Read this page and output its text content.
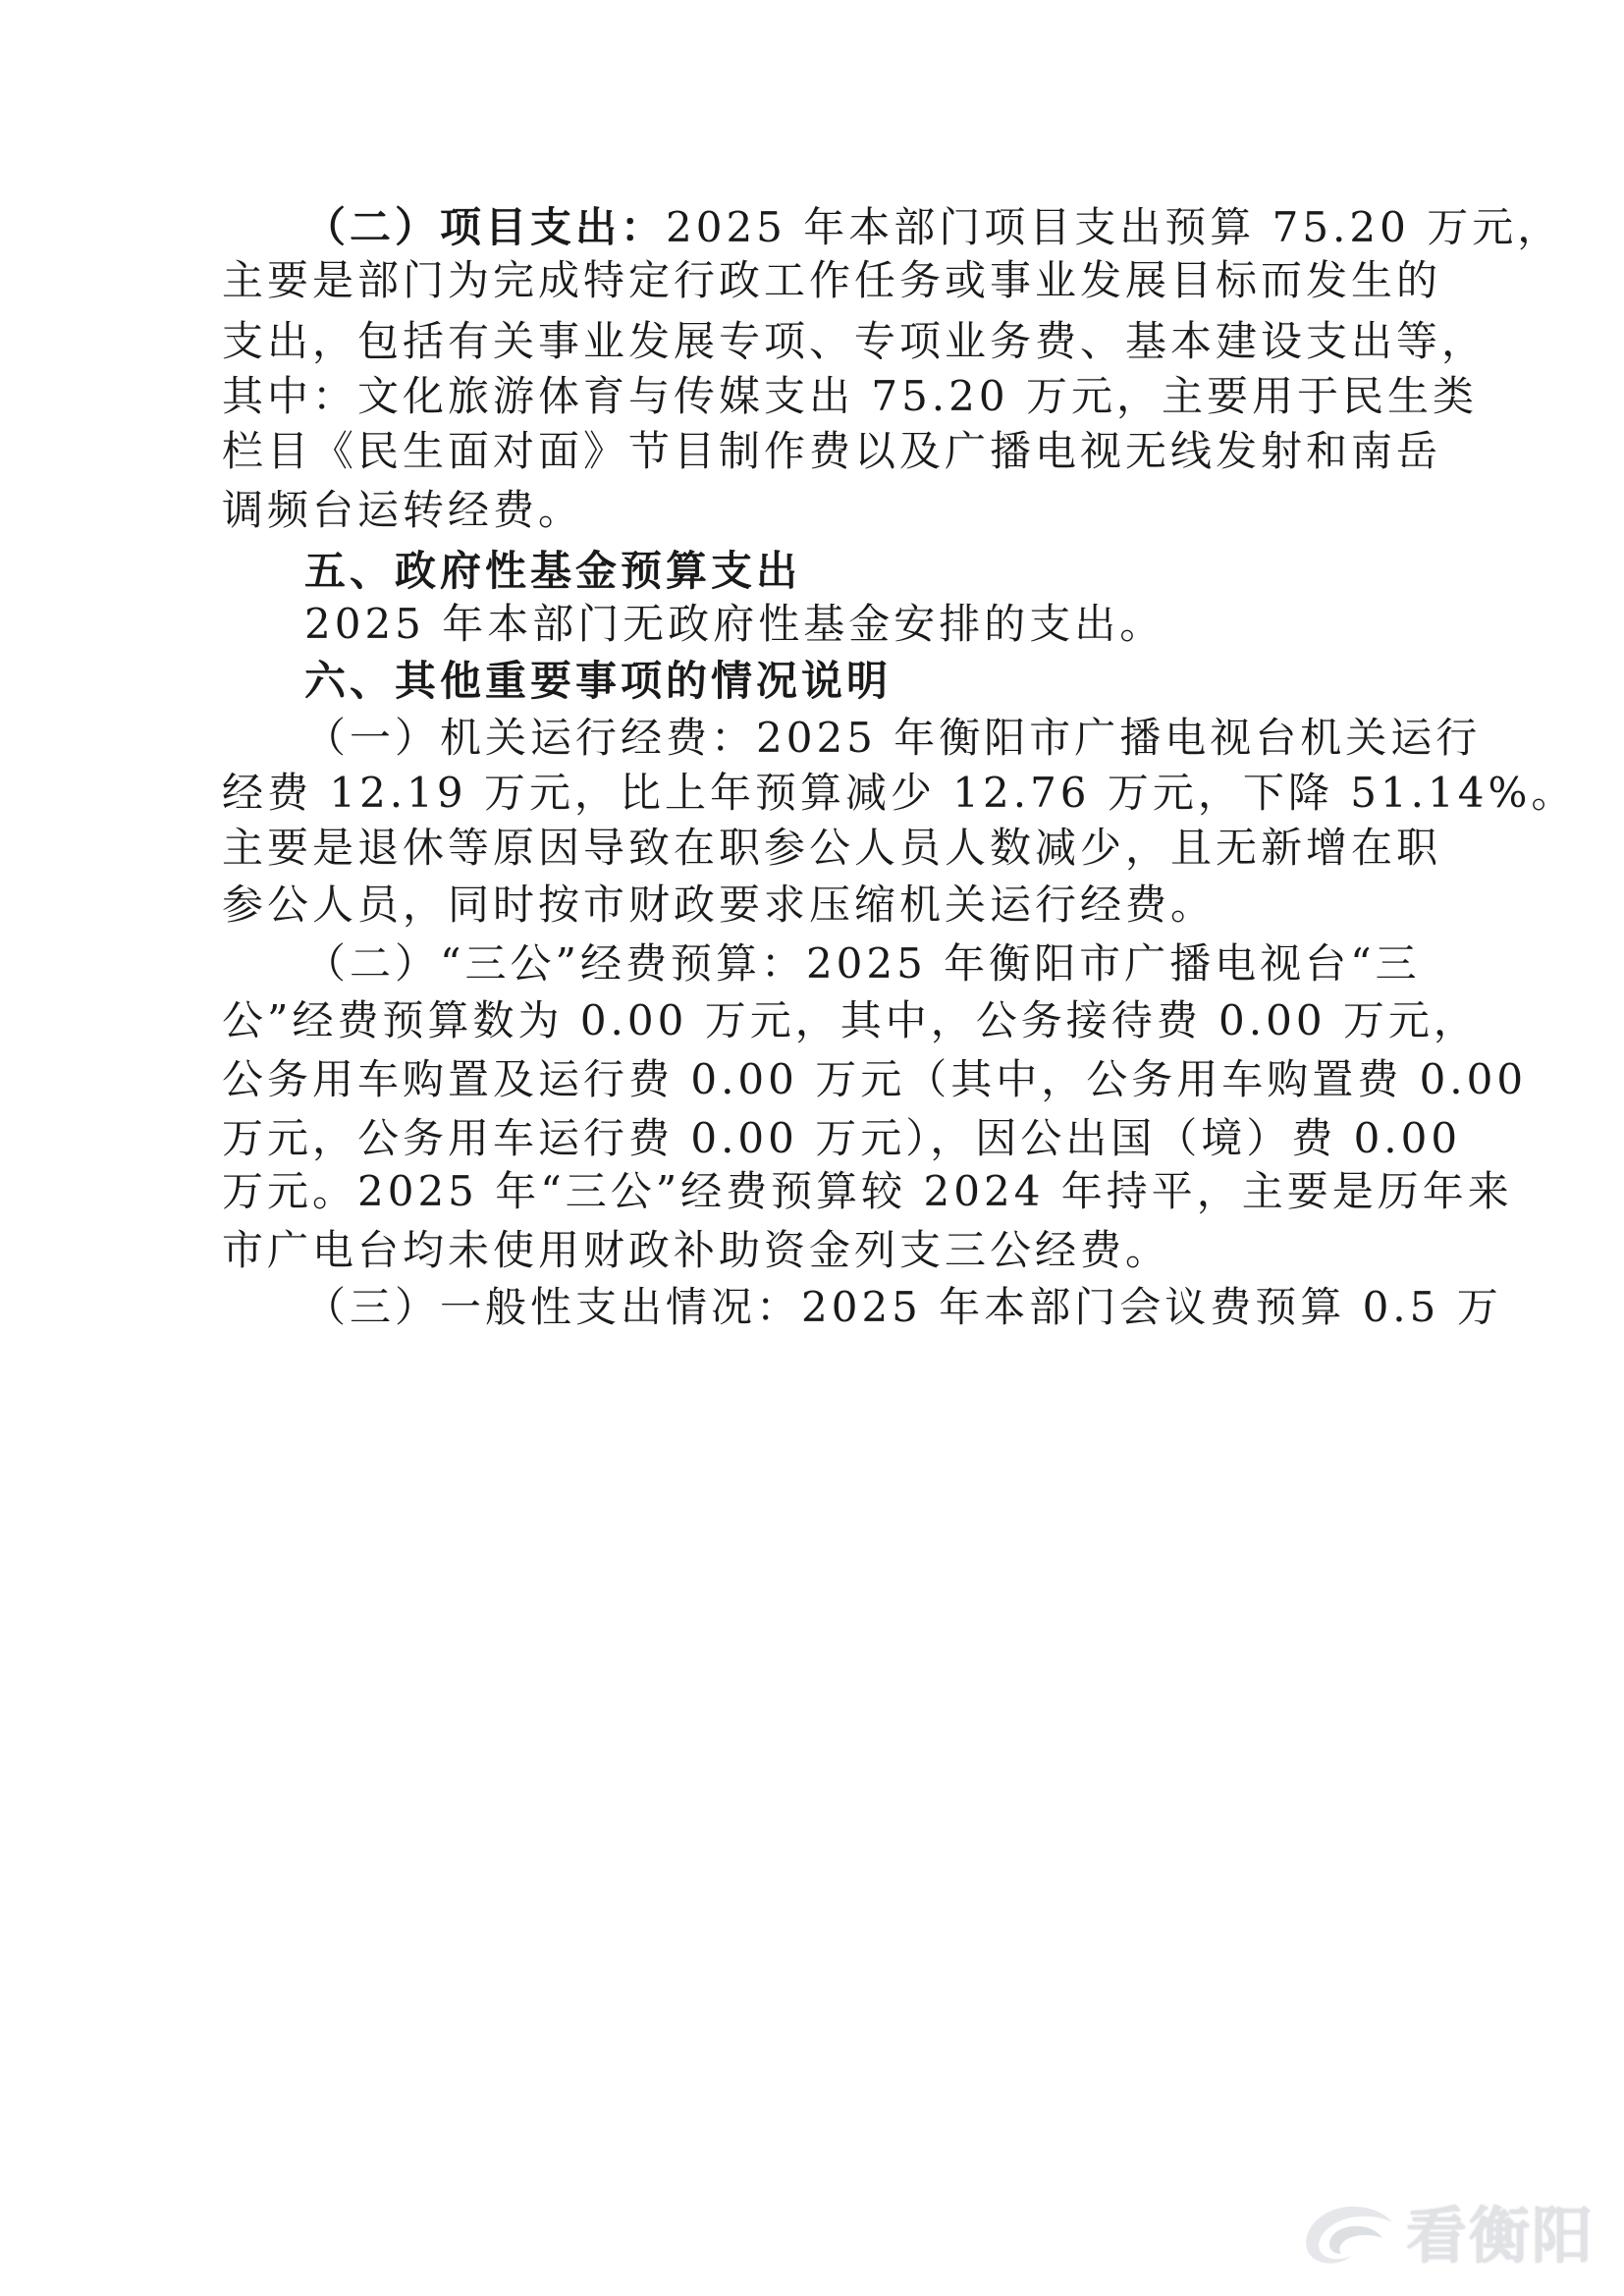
（二）项目支出：2025 年本部门项目支出预算 75.20 万元，
主要是部门为完成特定行政工作任务或事业发展目标而发生的
支出，包括有关事业发展专项、专项业务费、基本建设支出等，
其中：文化旅游体育与传媒支出 75.20 万元，主要用于民生类
栏目《民生面对面》节目制作费以及广播电视无线发射和南岳
调频台运转经费。
五、政府性基金预算支出
2025 年本部门无政府性基金安排的支出。
六、其他重要事项的情况说明
（一）机关运行经费：2025 年衡阳市广播电视台机关运行
经费 12.19 万元，比上年预算减少 12.76 万元，下降 51.14%。
主要是退休等原因导致在职参公人员人数减少，且无新增在职
参公人员，同时按市财政要求压缩机关运行经费。
（二）“三公”经费预算：2025 年衡阳市广播电视台“三
公”经费预算数为 0.00 万元，其中，公务接待费 0.00 万元，
公务用车购置及运行费 0.00 万元（其中，公务用车购置费 0.00
万元，公务用车运行费 0.00 万元），因公出国（境）费 0.00
万元。2025 年“三公”经费预算较 2024 年持平，主要是历年来
市广电台均未使用财政补助资金列支三公经费。
（三）一般性支出情况：2025 年本部门会议费预算 0.5 万
看衡阳
